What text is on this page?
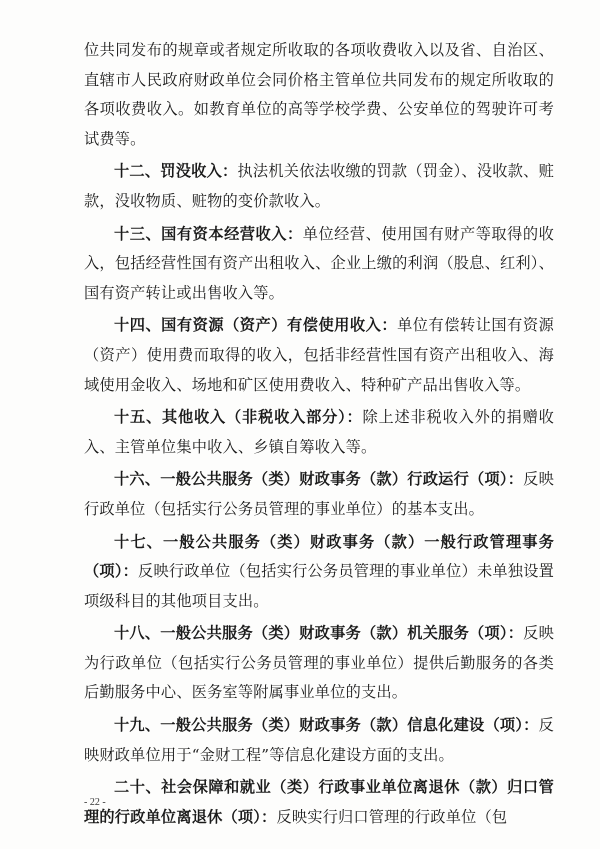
位共同发布的规章或者规定所收取的各项收费收入以及省、自治区、直辖市人民政府财政单位会同价格主管单位共同发布的规定所收取的各项收费收入。如教育单位的高等学校学费、公安单位的驾驶许可考试费等。

十二、罚没收入：执法机关依法收缴的罚款（罚金）、没收款、赃款，没收物质、赃物的变价款收入。

十三、国有资本经营收入：单位经营、使用国有财产等取得的收入，包括经营性国有资产出租收入、企业上缴的利润（股息、红利）、国有资产转让或出售收入等。

十四、国有资源（资产）有偿使用收入：单位有偿转让国有资源（资产）使用费而取得的收入，包括非经营性国有资产出租收入、海域使用金收入、场地和矿区使用费收入、特种矿产品出售收入等。

十五、其他收入（非税收入部分）：除上述非税收入外的捐赠收入、主管单位集中收入、乡镇自筹收入等。

十六、一般公共服务（类）财政事务（款）行政运行（项）：反映行政单位（包括实行公务员管理的事业单位）的基本支出。

十七、一般公共服务（类）财政事务（款）一般行政管理事务（项）：反映行政单位（包括实行公务员管理的事业单位）未单独设置项级科目的其他项目支出。

十八、一般公共服务（类）财政事务（款）机关服务（项）：反映为行政单位（包括实行公务员管理的事业单位）提供后勤服务的各类后勤服务中心、医务室等附属事业单位的支出。

十九、一般公共服务（类）财政事务（款）信息化建设（项）：反映财政单位用于“金财工程”等信息化建设方面的支出。

二十、社会保障和就业（类）行政事业单位离退休（款）归口管理的行政单位离退休（项）：反映实行归口管理的行政单位（包

- 22 -
